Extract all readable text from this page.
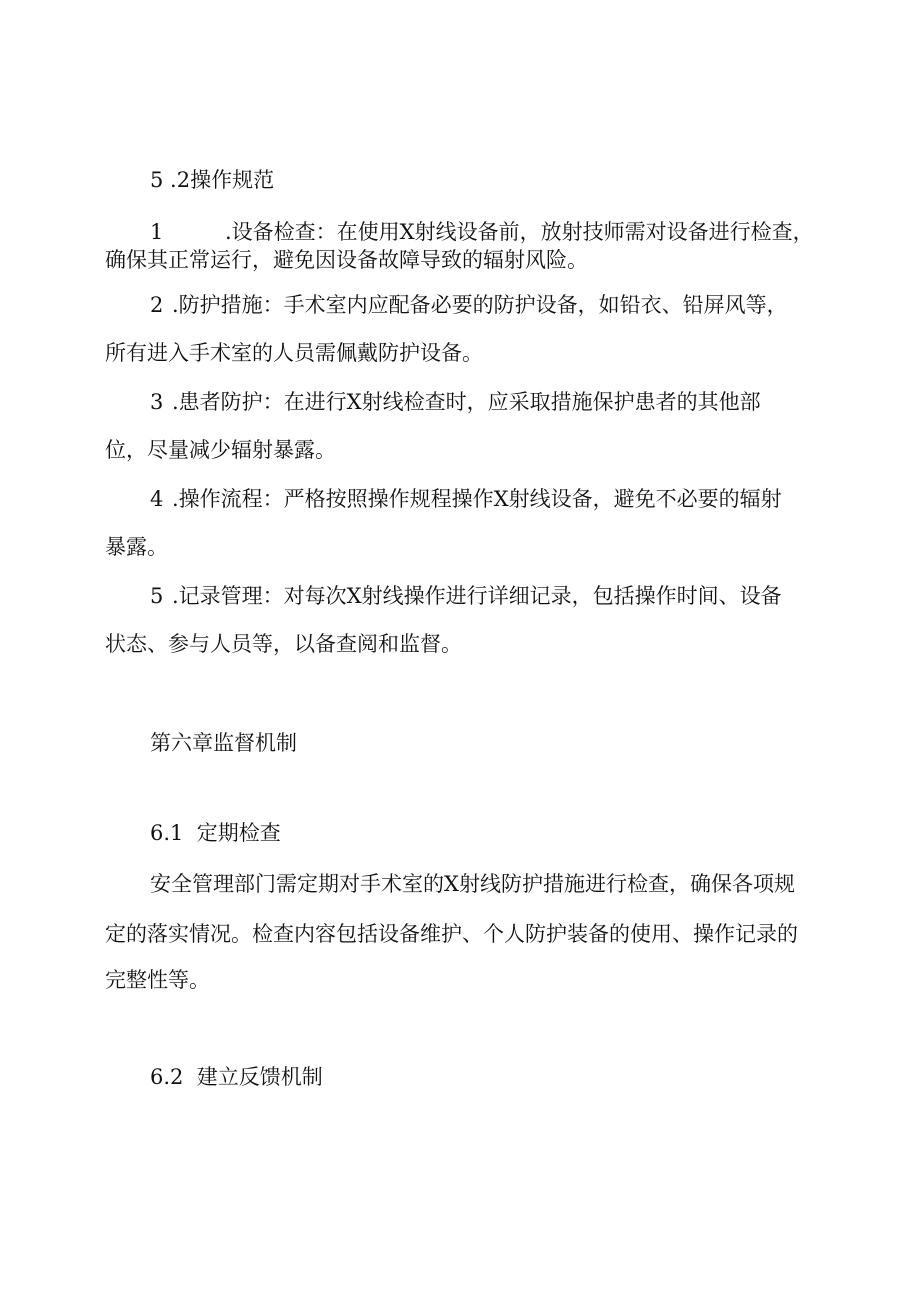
5 .2操作规范
1	.设备检查：在使用X射线设备前，放射技师需对设备进行检查，
确保其正常运行，避免因设备故障导致的辐射风险。
2 .防护措施：手术室内应配备必要的防护设备，如铅衣、铅屏风等，
所有进入手术室的人员需佩戴防护设备。
3 .患者防护：在进行X射线检查时，应采取措施保护患者的其他部
位，尽量减少辐射暴露。
4 .操作流程：严格按照操作规程操作X射线设备，避免不必要的辐射
暴露。
5 .记录管理：对每次X射线操作进行详细记录，包括操作时间、设备
状态、参与人员等，以备查阅和监督。
第六章监督机制
6.1  定期检查
安全管理部门需定期对手术室的X射线防护措施进行检查，确保各项规
定的落实情况。检查内容包括设备维护、个人防护装备的使用、操作记录的
完整性等。
6.2  建立反馈机制
